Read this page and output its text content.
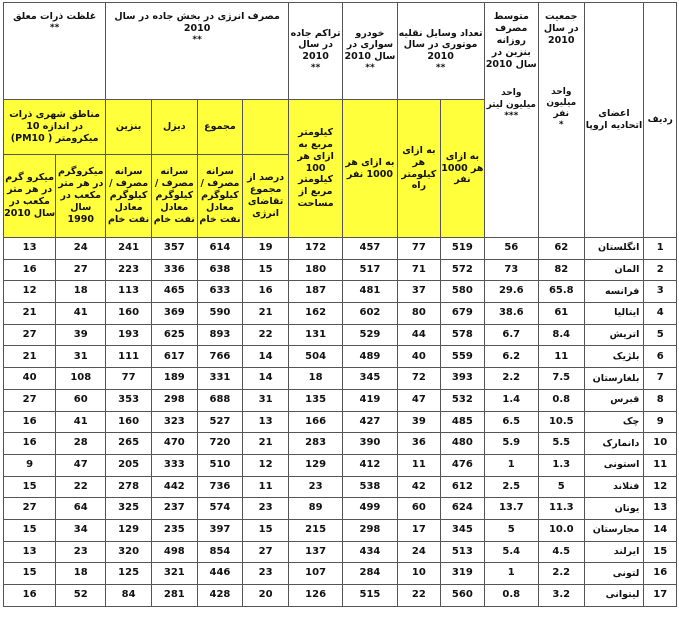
ردیف	اعضای اتحادیه اروپا	جمعیت در سال 2010
واحد میلیون نفر
*	متوسط مصرف روزانه بنزین در سال 2010
واحد میلیون لیتر
***	تعداد وسایل نقلیه موتوری در سال 2010
**		خودرو سواری در سال 2010
**	تراکم جاده در سال 2010
**	مصرف انرژی در بخش جاده در سال 2010
**				غلظت ذرات معلق
**	

				به ازای هر 1000 نفر	به ازای هر کیلومتر راه	به ازای هر 1000 نفر	کیلومتر مربع به ازای هر 100 کیلومتر مربع از مساحت		مجموع	دیزل	بنزین	مناطق شهری ذرات در اندازه 10 میکرومتر ( PM10)	
								درصد از مجموع تقاضای انرژی	سرانه مصرف / کیلوگرم معادل نفت خام	سرانه مصرف / کیلوگرم معادل نفت خام	سرانه مصرف / کیلوگرم معادل نفت خام	میکروگرم در هر متر مکعب در سال 1990	میکرو گرم در هر متر مکعب در سال 2010
1	انگلستان	62	56	519	77	457	172	19	614	357	241	24	13
2	المان	82	73	572	71	517	180	15	638	336	223	27	16
3	فرانسه	65.8	29.6	580	37	481	187	16	633	465	113	18	12
4	ایتالیا	61	38.6	679	80	602	162	21	590	369	160	41	21
5	اتریش	8.4	6.7	578	44	529	131	22	893	625	193	39	27
6	بلژیک	11	6.2	559	40	489	504	14	766	617	111	31	21
7	بلغارستان	7.5	2.2	393	72	345	18	14	331	189	77	108	40
8	قبرس	0.8	1.4	532	47	419	135	31	688	298	353	60	27
9	چک	10.5	6.5	485	39	427	166	13	527	323	160	41	16
10	دانمارک	5.5	5.9	480	36	390	283	21	720	470	265	28	16
11	استونی	1.3	1	476	11	412	129	12	510	333	205	47	9
12	فنلاند	5	2.5	612	42	538	23	11	736	442	278	22	15
13	یونان	11.3	13.7	624	60	499	89	23	574	237	325	64	27
14	مجارستان	10.0	5	345	17	298	215	15	397	235	129	34	15
15	ایرلند	4.5	5.4	513	24	434	137	27	854	498	320	23	13
16	لتونی	2.2	1	319	10	284	107	23	446	321	125	18	15
17	لیتوانی	3.2	0.8	560	22	515	126	20	428	281	84	52	16
